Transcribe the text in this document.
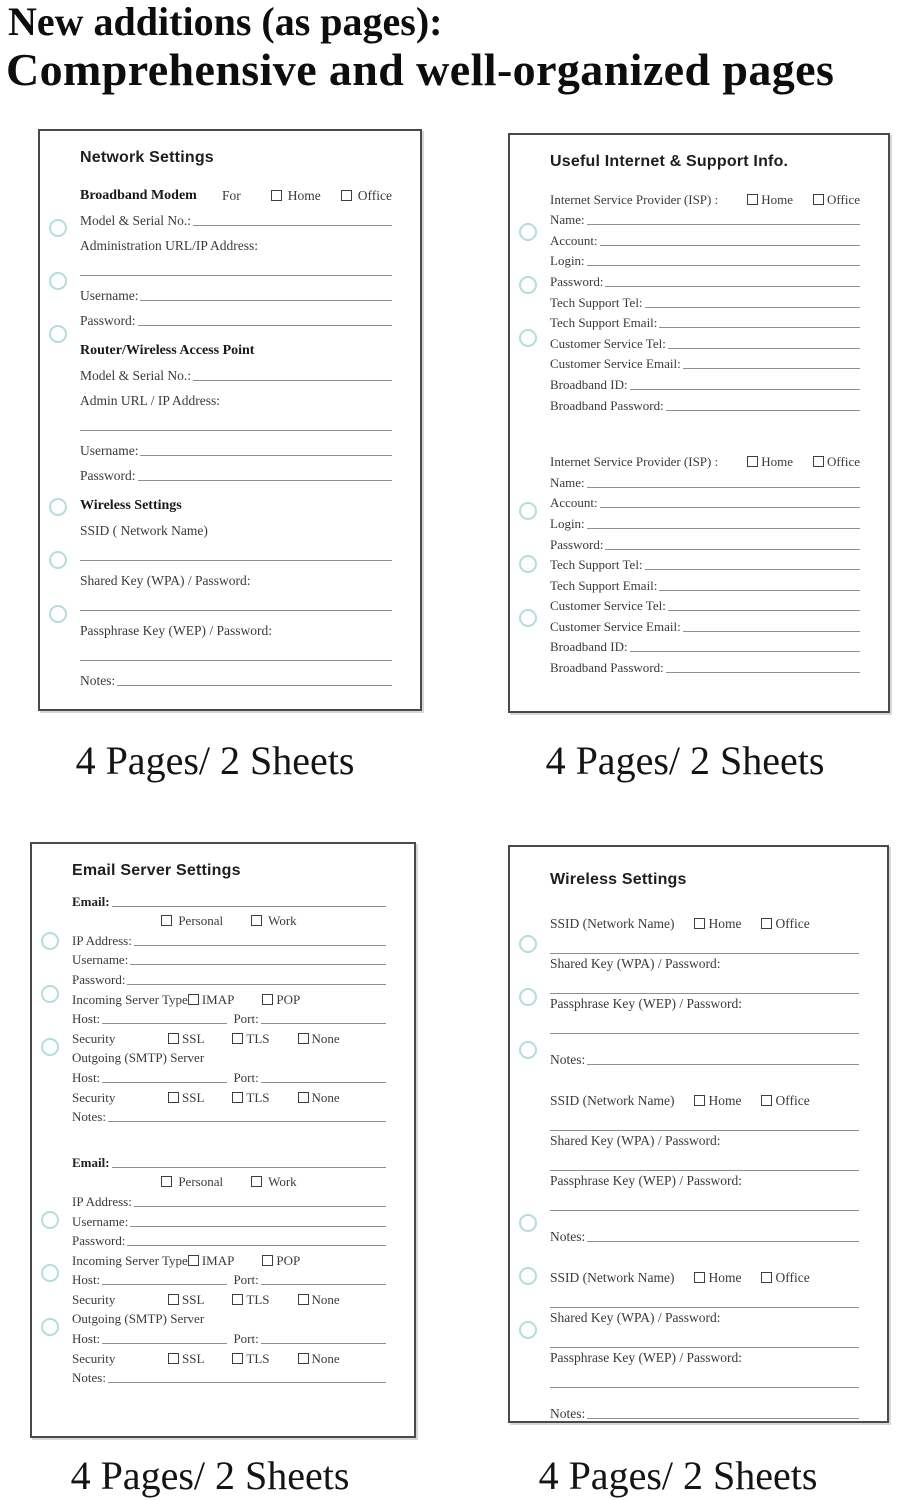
New additions (as pages):
Comprehensive and well-organized pages
Network Settings
Broadband Modem For	Home	Office
Model & Serial No.:
Administration URL/IP Address:
Username:
Password:
Router/Wireless Access Point
Model & Serial No.:
Admin URL / IP Address:
Username:
Password:
Wireless Settings
SSID ( Network Name)
Shared Key (WPA) / Password:
Passphrase Key (WEP) / Password:
Notes:
Useful Internet & Support Info.
Internet Service Provider (ISP) :	Home	Office
Name:
Account:
Login:
Password:
Tech Support Tel:
Tech Support Email:
Customer Service Tel:
Customer Service Email:
Broadband ID:
Broadband Password:
Internet Service Provider (ISP) :	Home	Office
Name:
Account:
Login:
Password:
Tech Support Tel:
Tech Support Email:
Customer Service Tel:
Customer Service Email:
Broadband ID:
Broadband Password:
Email Server Settings
Email:
Personal	Work
IP Address:
Username:
Password:
Incoming Server Type IMAP	POP
Host:	Port:
Security	SSL	TLS	None
Outgoing (SMTP) Server
Host:	Port:
Security	SSL	TLS	None
Notes:
Email:
Personal	Work
IP Address:
Username:
Password:
Incoming Server Type IMAP	POP
Host:	Port:
Security	SSL	TLS	None
Outgoing (SMTP) Server
Host:	Port:
Security	SSL	TLS	None
Notes:
Wireless Settings
SSID (Network Name)	Home	Office
Shared Key (WPA) / Password:
Passphrase Key (WEP) / Password:
Notes:
SSID (Network Name)	Home	Office
Shared Key (WPA) / Password:
Passphrase Key (WEP) / Password:
Notes:
SSID (Network Name)	Home	Office
Shared Key (WPA) / Password:
Passphrase Key (WEP) / Password:
Notes:
4 Pages/ 2 Sheets	4 Pages/ 2 Sheets
4 Pages/ 2 Sheets	4 Pages/ 2 Sheets
